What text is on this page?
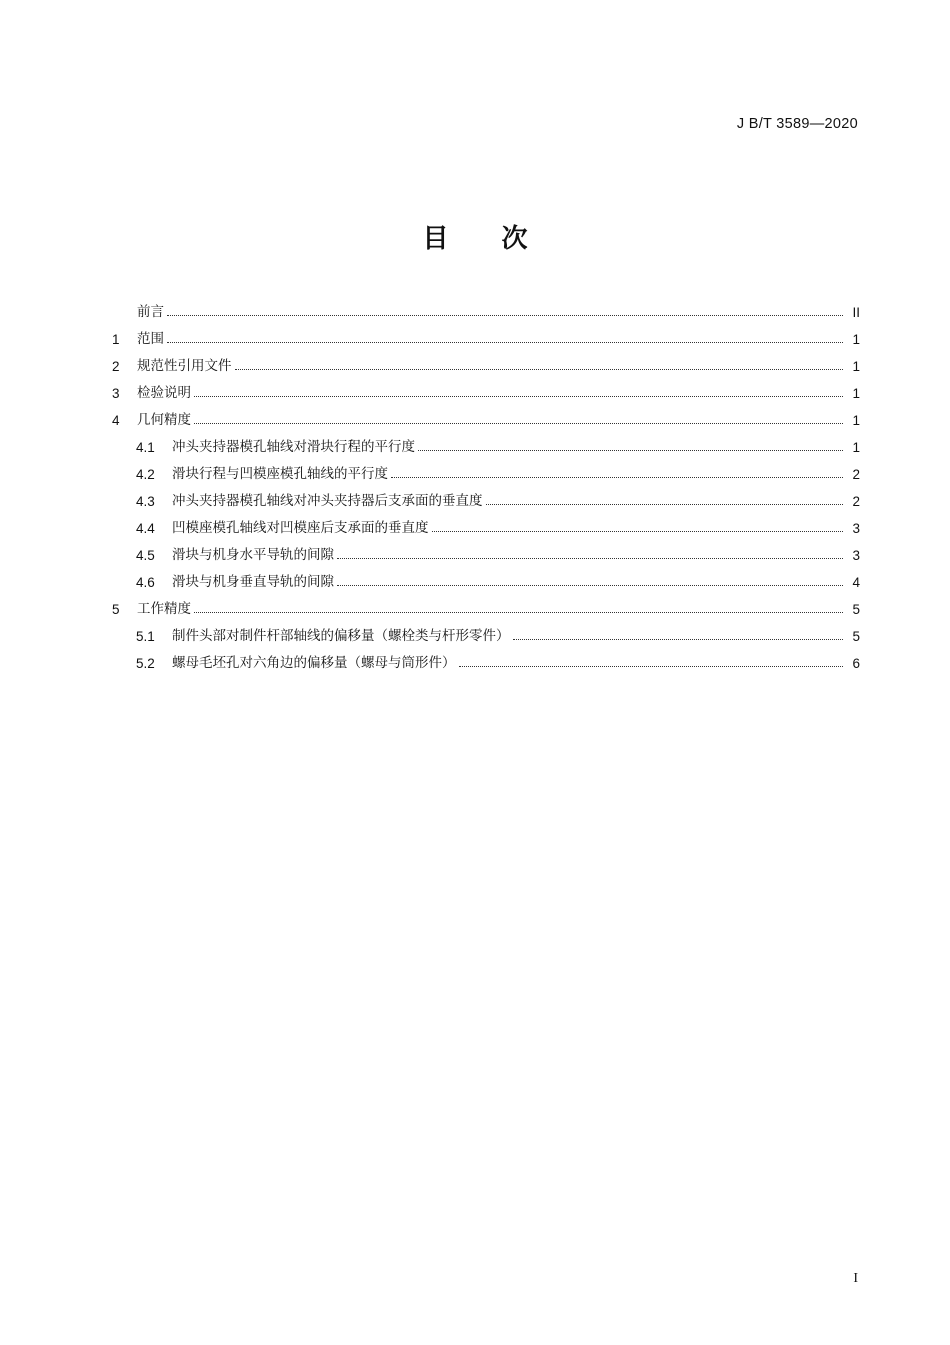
J B/T 3589—2020
目 次
前言	II
1	范围	1
2	规范性引用文件	1
3	检验说明	1
4	几何精度	1
4.1	冲头夹持器模孔轴线对滑块行程的平行度	1
4.2	滑块行程与凹模座模孔轴线的平行度	2
4.3	冲头夹持器模孔轴线对冲头夹持器后支承面的垂直度	2
4.4	凹模座模孔轴线对凹模座后支承面的垂直度	3
4.5	滑块与机身水平导轨的间隙	3
4.6	滑块与机身垂直导轨的间隙	4
5	工作精度	5
5.1	制件头部对制件杆部轴线的偏移量（螺栓类与杆形零件）	5
5.2	螺母毛坯孔对六角边的偏移量（螺母与筒形件）	6
I
